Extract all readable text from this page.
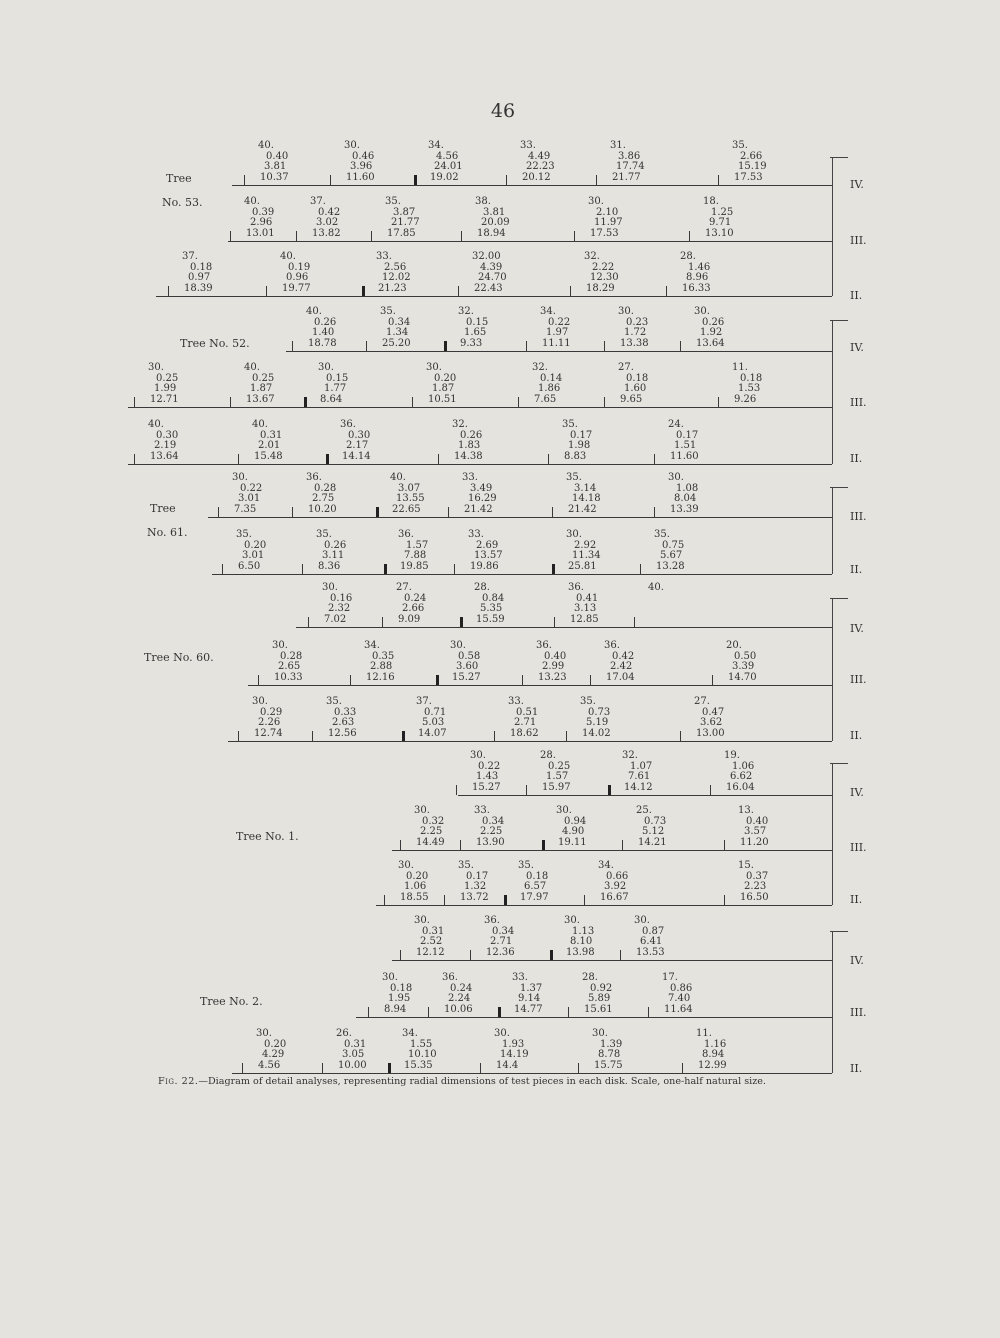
46
Tree
No. 53.
Tree No. 52.
Tree
No. 61.
Tree No. 60.
Tree No. 1.
Tree No. 2.
IV.
40.
0.40
3.81
10.37
30.
0.46
3.96
11.60
34.
4.56
24.01
19.02
33.
4.49
22.23
20.12
31.
3.86
17.74
21.77
35.
2.66
15.19
17.53
III.
40.
0.39
2.96
13.01
37.
0.42
3.02
13.82
35.
3.87
21.77
17.85
38.
3.81
20.09
18.94
30.
2.10
11.97
17.53
18.
1.25
9.71
13.10
II.
37.
0.18
0.97
18.39
40.
0.19
0.96
19.77
33.
2.56
12.02
21.23
32.00
4.39
24.70
22.43
32.
2.22
12.30
18.29
28.
1.46
8.96
16.33
IV.
40.
0.26
1.40
18.78
35.
0.34
1.34
25.20
32.
0.15
1.65
9.33
34.
0.22
1.97
11.11
30.
0.23
1.72
13.38
30.
0.26
1.92
13.64
III.
30.
0.25
1.99
12.71
40.
0.25
1.87
13.67
30.
0.15
1.77
8.64
30.
0.20
1.87
10.51
32.
0.14
1.86
7.65
27.
0.18
1.60
9.65
11.
0.18
1.53
9.26
II.
40.
0.30
2.19
13.64
40.
0.31
2.01
15.48
36.
0.30
2.17
14.14
32.
0.26
1.83
14.38
35.
0.17
1.98
8.83
24.
0.17
1.51
11.60
III.
30.
0.22
3.01
7.35
36.
0.28
2.75
10.20
40.
3.07
13.55
22.65
33.
3.49
16.29
21.42
35.
3.14
14.18
21.42
30.
1.08
8.04
13.39
II.
35.
0.20
3.01
6.50
35.
0.26
3.11
8.36
36.
1.57
7.88
19.85
33.
2.69
13.57
19.86
30.
2.92
11.34
25.81
35.
0.75
5.67
13.28
IV.
30.
0.16
2.32
7.02
27.
0.24
2.66
9.09
28.
0.84
5.35
15.59
36.
0.41
3.13
12.85
40.
III.
30.
0.28
2.65
10.33
34.
0.35
2.88
12.16
30.
0.58
3.60
15.27
36.
0.40
2.99
13.23
36.
0.42
2.42
17.04
20.
0.50
3.39
14.70
II.
30.
0.29
2.26
12.74
35.
0.33
2.63
12.56
37.
0.71
5.03
14.07
33.
0.51
2.71
18.62
35.
0.73
5.19
14.02
27.
0.47
3.62
13.00
IV.
30.
0.22
1.43
15.27
28.
0.25
1.57
15.97
32.
1.07
7.61
14.12
19.
1.06
6.62
16.04
III.
30.
0.32
2.25
14.49
33.
0.34
2.25
13.90
30.
0.94
4.90
19.11
25.
0.73
5.12
14.21
13.
0.40
3.57
11.20
II.
30.
0.20
1.06
18.55
35.
0.17
1.32
13.72
35.
0.18
6.57
17.97
34.
0.66
3.92
16.67
15.
0.37
2.23
16.50
IV.
30.
0.31
2.52
12.12
36.
0.34
2.71
12.36
30.
1.13
8.10
13.98
30.
0.87
6.41
13.53
III.
30.
0.18
1.95
8.94
36.
0.24
2.24
10.06
33.
1.37
9.14
14.77
28.
0.92
5.89
15.61
17.
0.86
7.40
11.64
II.
30.
0.20
4.29
4.56
26.
0.31
3.05
10.00
34.
1.55
10.10
15.35
30.
1.93
14.19
14.4
30.
1.39
8.78
15.75
11.
1.16
8.94
12.99
Fig. 22.—Diagram of detail analyses, representing radial dimensions of test pieces in each disk. Scale, one-half natural size.
